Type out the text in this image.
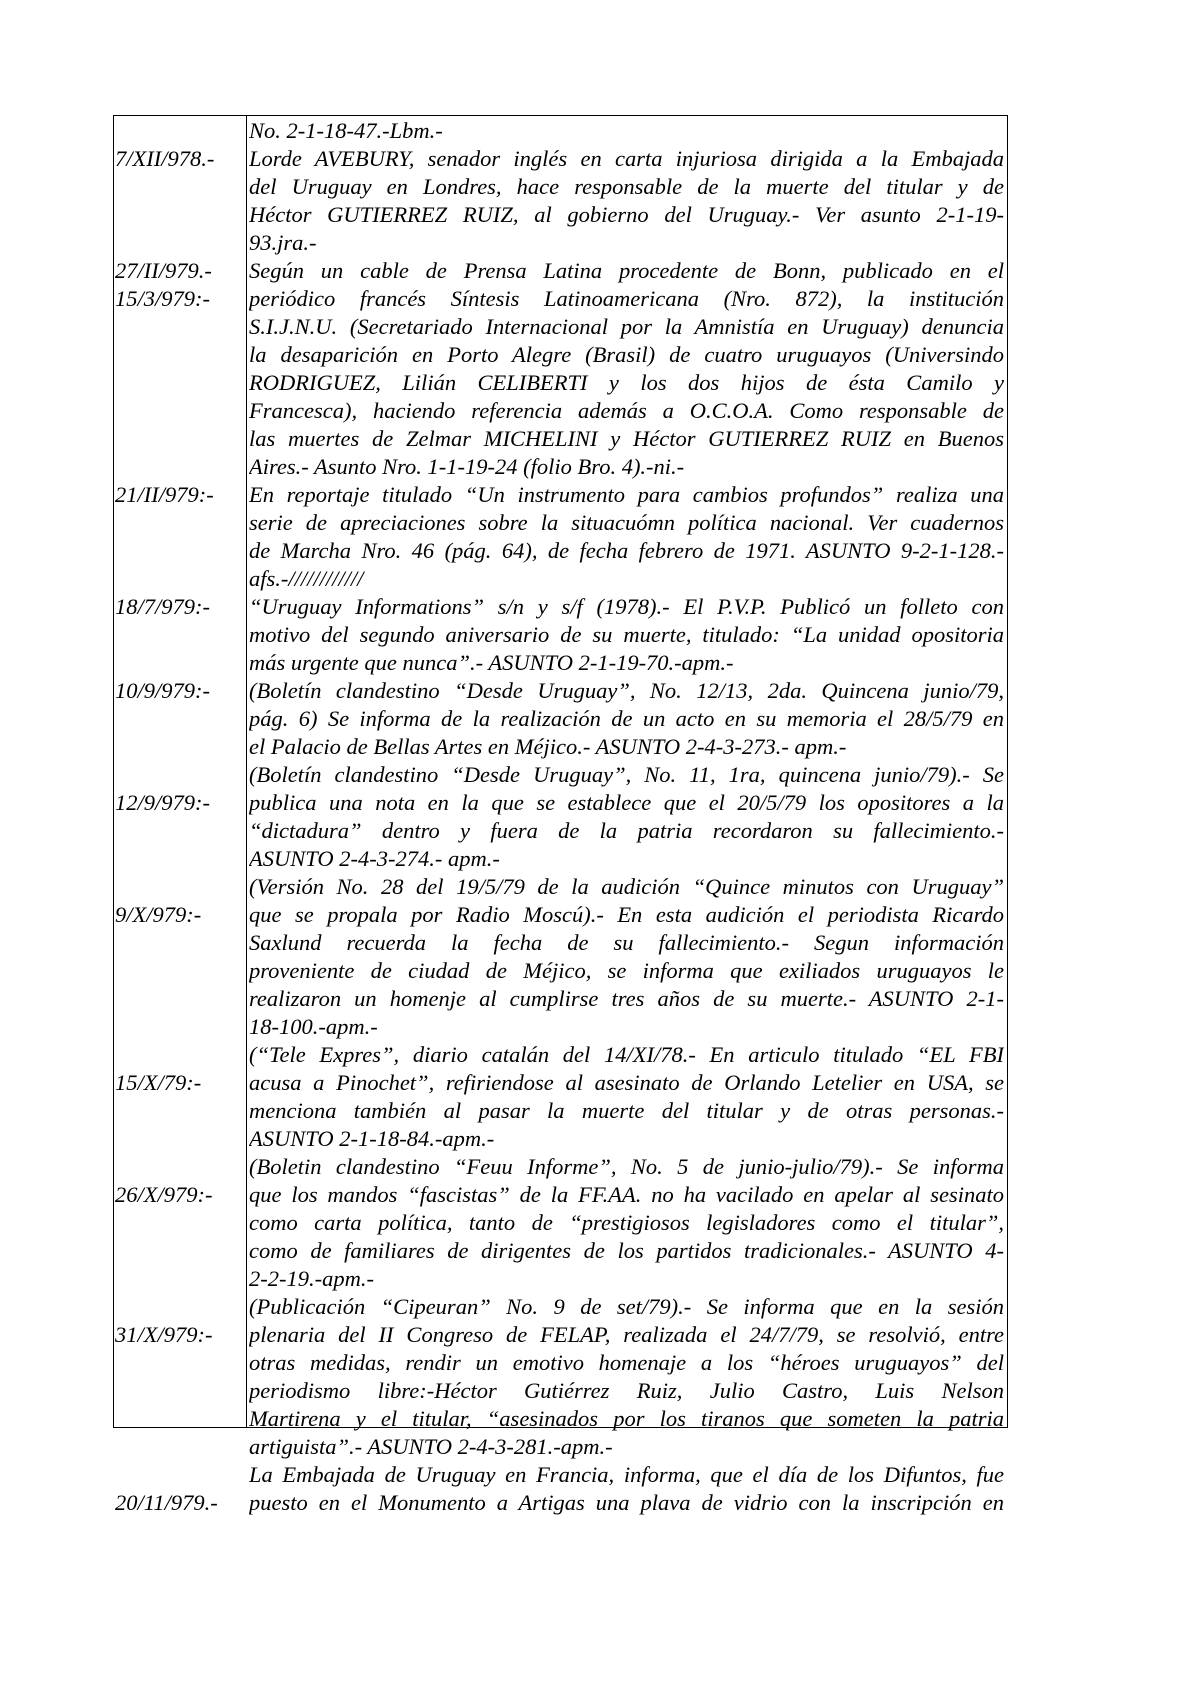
No. 2-1-18-47.-Lbm.-
7/XII/978.- Lorde AVEBURY, senador inglés en carta injuriosa dirigida a la Embajada
del Uruguay en Londres, hace responsable de la muerte del titular y de
Héctor GUTIERREZ RUIZ, al gobierno del Uruguay.- Ver asunto 2-1-19-
93.jra.-
27/II/979.- Según un cable de Prensa Latina procedente de Bonn, publicado en el
15/3/979:- periódico francés Síntesis Latinoamericana (Nro. 872), la institución
S.I.J.N.U. (Secretariado Internacional por la Amnistía en Uruguay) denuncia
la desaparición en Porto Alegre (Brasil) de cuatro uruguayos (Universindo
RODRIGUEZ, Lilián CELIBERTI y los dos hijos de ésta Camilo y
Francesca), haciendo referencia además a O.C.O.A. Como responsable de
las muertes de Zelmar MICHELINI y Héctor GUTIERREZ RUIZ en Buenos
Aires.- Asunto Nro. 1-1-19-24 (folio Bro. 4).-ni.-
21/II/979:- En reportaje titulado “Un instrumento para cambios profundos” realiza una
serie de apreciaciones sobre la situacuómn política nacional. Ver cuadernos
de Marcha Nro. 46 (pág. 64), de fecha febrero de 1971. ASUNTO 9-2-1-128.-
afs.-////////////
18/7/979:- “Uruguay Informations” s/n y s/f (1978).- El P.V.P. Publicó un folleto con
motivo del segundo aniversario de su muerte, titulado: “La unidad opositoria
más urgente que nunca”.- ASUNTO 2-1-19-70.-apm.-
10/9/979:- (Boletín clandestino “Desde Uruguay”, No. 12/13, 2da. Quincena junio/79,
pág. 6) Se informa de la realización de un acto en su memoria el 28/5/79 en
el Palacio de Bellas Artes en Méjico.- ASUNTO 2-4-3-273.- apm.-
(Boletín clandestino “Desde Uruguay”, No. 11, 1ra, quincena junio/79).- Se
12/9/979:- publica una nota en la que se establece que el 20/5/79 los opositores a la
“dictadura” dentro y fuera de la patria recordaron su fallecimiento.-
ASUNTO 2-4-3-274.- apm.-
(Versión No. 28 del 19/5/79 de la audición “Quince minutos con Uruguay”
9/X/979:- que se propala por Radio Moscú).- En esta audición el periodista Ricardo
Saxlund recuerda la fecha de su fallecimiento.- Segun información
proveniente de ciudad de Méjico, se informa que exiliados uruguayos le
realizaron un homenje al cumplirse tres años de su muerte.- ASUNTO 2-1-
18-100.-apm.-
(“Tele Expres”, diario catalán del 14/XI/78.- En articulo titulado “EL FBI
15/X/79:- acusa a Pinochet”, refiriendose al asesinato de Orlando Letelier en USA, se
menciona también al pasar la muerte del titular y de otras personas.-
ASUNTO 2-1-18-84.-apm.-
(Boletin clandestino “Feuu Informe”, No. 5 de junio-julio/79).- Se informa
26/X/979:- que los mandos “fascistas” de la FF.AA. no ha vacilado en apelar al sesinato
como carta política, tanto de “prestigiosos legisladores como el titular”,
como de familiares de dirigentes de los partidos tradicionales.- ASUNTO 4-
2-2-19.-apm.-
(Publicación “Cipeuran” No. 9 de set/79).- Se informa que en la sesión
31/X/979:- plenaria del II Congreso de FELAP, realizada el 24/7/79, se resolvió, entre
otras medidas, rendir un emotivo homenaje a los “héroes uruguayos” del
periodismo libre:-Héctor Gutiérrez Ruiz, Julio Castro, Luis Nelson
Martirena y el titular, “asesinados por los tiranos que someten la patria
artiguista”.- ASUNTO 2-4-3-281.-apm.-
La Embajada de Uruguay en Francia, informa, que el día de los Difuntos, fue
20/11/979.- puesto en el Monumento a Artigas una plava de vidrio con la inscripción en
